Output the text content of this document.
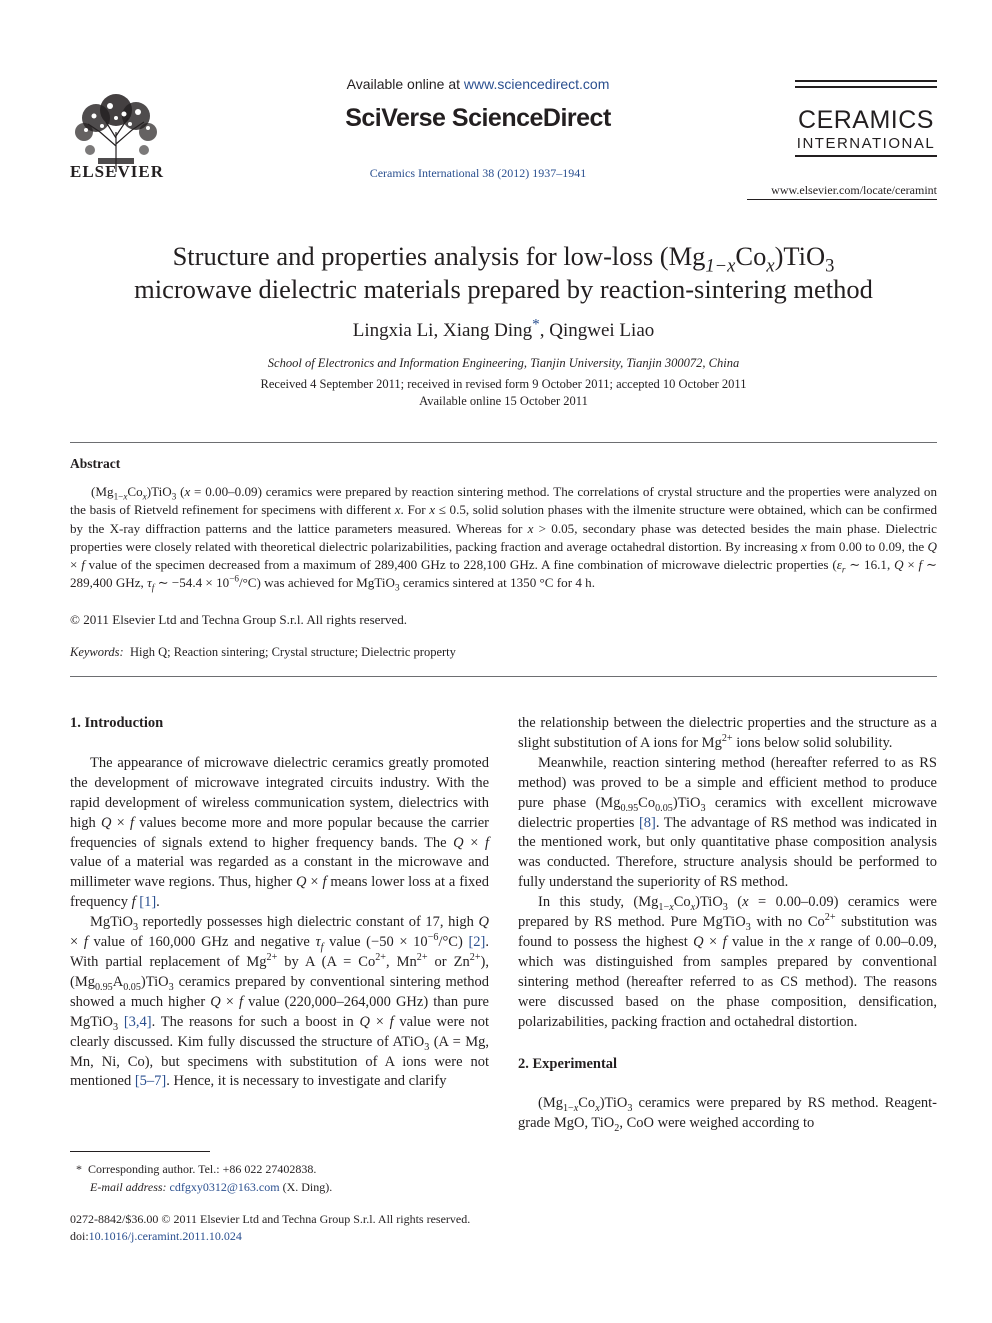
ELSEVIER
Available online at www.sciencedirect.com
SciVerse ScienceDirect
Ceramics International 38 (2012) 1937–1941
CERAMICS
INTERNATIONAL
www.elsevier.com/locate/ceramint
Structure and properties analysis for low-loss $(Mg_{1-x}Co_x)TiO_3$
microwave dielectric materials prepared by reaction-sintering method
Lingxia Li, Xiang Ding*, Qingwei Liao
School of Electronics and Information Engineering, Tianjin University, Tianjin 300072, China
Received 4 September 2011; received in revised form 9 October 2011; accepted 10 October 2011
Available online 15 October 2011
Abstract

$(Mg_{1-x}Co_x)TiO_3$ (x = 0.00–0.09) ceramics were prepared by reaction sintering method. The correlations of crystal structure and the properties were analyzed on the basis of Rietveld refinement for specimens with different x. For x ≤ 0.5, solid solution phases with the ilmenite structure were obtained, which can be confirmed by the X-ray diffraction patterns and the lattice parameters measured. Whereas for x > 0.05, secondary phase was detected besides the main phase. Dielectric properties were closely related with theoretical dielectric polarizabilities, packing fraction and average octahedral distortion. By increasing x from 0.00 to 0.09, the Q × f value of the specimen decreased from a maximum of 289,400 GHz to 228,100 GHz. A fine combination of microwave dielectric properties ($\varepsilon_r$ ∼ 16.1, Q × f ∼ 289,400 GHz, $\tau_f$ ∼ $-54.4 \times 10^{-6}/^\circ C$) was achieved for MgTiO$_3$ ceramics sintered at 1350 °C for 4 h.

© 2011 Elsevier Ltd and Techna Group S.r.l. All rights reserved.
Keywords: High Q; Reaction sintering; Crystal structure; Dielectric property
1. Introduction

The appearance of microwave dielectric ceramics greatly promoted the development of microwave integrated circuits industry. With the rapid development of wireless communication system, dielectrics with high Q × f values become more and more popular because the carrier frequencies of signals extend to higher frequency bands. The Q × f value of a material was regarded as a constant in the microwave and millimeter wave regions. Thus, higher Q × f means lower loss at a fixed frequency f [1].

MgTiO$_3$ reportedly possesses high dielectric constant of 17, high Q × f value of 160,000 GHz and negative $\tau_f$ value $(-50 \times 10^{-6}/^\circ C)$ [2]. With partial replacement of $Mg^{2+}$ by A ($A = Co^{2+}$, $Mn^{2+}$ or $Zn^{2+}$), $(Mg_{0.95}A_{0.05})TiO_3$ ceramics prepared by conventional sintering method showed a much higher Q × f value (220,000–264,000 GHz) than pure MgTiO$_3$ [3,4]. The reasons for such a boost in Q × f value were not clearly discussed. Kim fully discussed the structure of ATiO$_3$ (A = Mg, Mn, Ni, Co), but specimens with substitution of A ions were not mentioned [5–7]. Hence, it is necessary to investigate and clarify

the relationship between the dielectric properties and the structure as a slight substitution of A ions for $Mg^{2+}$ ions below solid solubility.

Meanwhile, reaction sintering method (hereafter referred to as RS method) was proved to be a simple and efficient method to produce pure phase $(Mg_{0.95}Co_{0.05})TiO_3$ ceramics with excellent microwave dielectric properties [8]. The advantage of RS method was indicated in the mentioned work, but only quantitative phase composition analysis was conducted. Therefore, structure analysis should be performed to fully understand the superiority of RS method.

In this study, $(Mg_{1-x}Co_x)TiO_3$ (x = 0.00–0.09) ceramics were prepared by RS method. Pure MgTiO$_3$ with no $Co^{2+}$ substitution was found to possess the highest Q × f value in the x range of 0.00–0.09, which was distinguished from samples prepared by conventional sintering method (hereafter referred to as CS method). The reasons were discussed based on the phase composition, densification, polarizabilities, packing fraction and octahedral distortion.

2. Experimental

$(Mg_{1-x}Co_x)TiO_3$ ceramics were prepared by RS method. Reagent-grade MgO, TiO$_2$, CoO were weighed according to

*  Corresponding author. Tel.: +86 022 27402838.
E-mail address: cdfgxy0312@163.com (X. Ding).
0272-8842/$36.00 © 2011 Elsevier Ltd and Techna Group S.r.l. All rights reserved.
doi:10.1016/j.ceramint.2011.10.024
